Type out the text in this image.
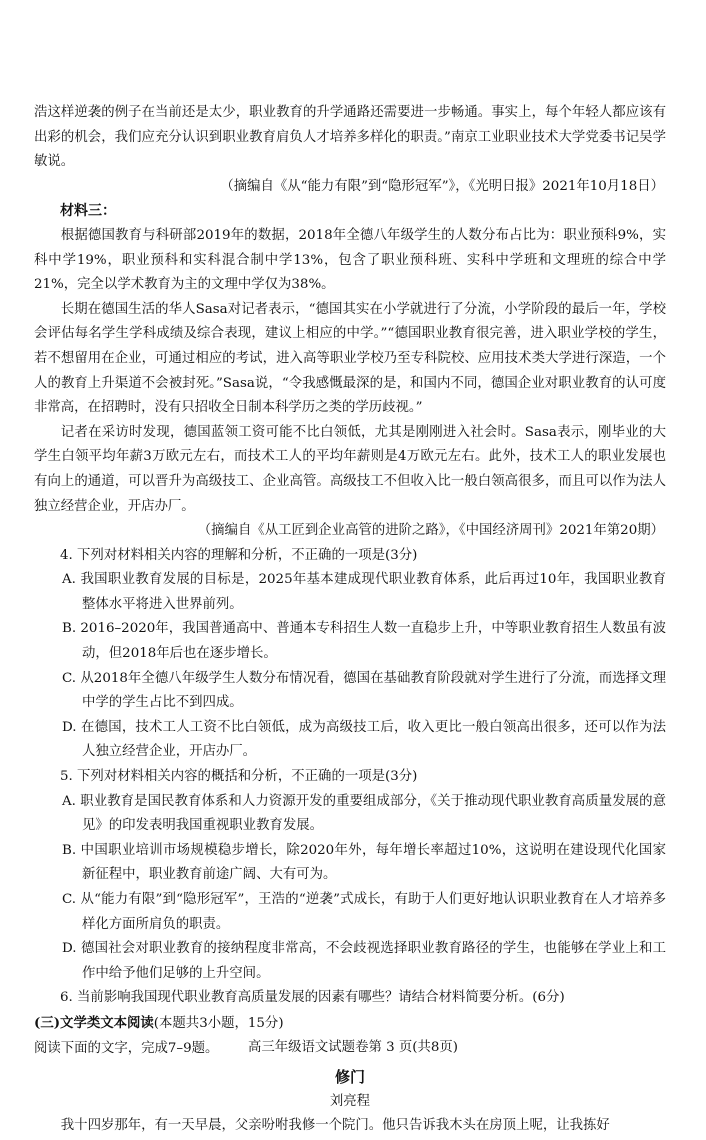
浩这样逆袭的例子在当前还是太少，职业教育的升学通路还需要进一步畅通。事实上，每个年轻人都应该有出彩的机会，我们应充分认识到职业教育肩负人才培养多样化的职责。”南京工业职业技术大学党委书记吴学敏说。

（摘编自《从“能力有限”到“隐形冠军”》，《光明日报》2021年10月18日）

材料三：

根据德国教育与科研部2019年的数据，2018年全德八年级学生的人数分布占比为：职业预科9%，实科中学19%，职业预科和实科混合制中学13%，包含了职业预科班、实科中学班和文理班的综合中学21%，完全以学术教育为主的文理中学仅为38%。

长期在德国生活的华人Sasa对记者表示，“德国其实在小学就进行了分流，小学阶段的最后一年，学校会评估每名学生学科成绩及综合表现，建议上相应的中学。”“德国职业教育很完善，进入职业学校的学生，若不想留用在企业，可通过相应的考试，进入高等职业学校乃至专科院校、应用技术类大学进行深造，一个人的教育上升渠道不会被封死。”Sasa说，“令我感慨最深的是，和国内不同，德国企业对职业教育的认可度非常高，在招聘时，没有只招收全日制本科学历之类的学历歧视。”

记者在采访时发现，德国蓝领工资可能不比白领低，尤其是刚刚进入社会时。Sasa表示，刚毕业的大学生白领平均年薪3万欧元左右，而技术工人的平均年薪则是4万欧元左右。此外，技术工人的职业发展也有向上的通道，可以晋升为高级技工、企业高管。高级技工不但收入比一般白领高很多，而且可以作为法人独立经营企业，开店办厂。

（摘编自《从工匠到企业高管的进阶之路》，《中国经济周刊》2021年第20期）

4. 下列对材料相关内容的理解和分析，不正确的一项是(3分)

A. 我国职业教育发展的目标是，2025年基本建成现代职业教育体系，此后再过10年，我国职业教育整体水平将进入世界前列。

B. 2016–2020年，我国普通高中、普通本专科招生人数一直稳步上升，中等职业教育招生人数虽有波动，但2018年后也在逐步增长。

C. 从2018年全德八年级学生人数分布情况看，德国在基础教育阶段就对学生进行了分流，而选择文理中学的学生占比不到四成。

D. 在德国，技术工人工资不比白领低，成为高级技工后，收入更比一般白领高出很多，还可以作为法人独立经营企业，开店办厂。

5. 下列对材料相关内容的概括和分析，不正确的一项是(3分)

A. 职业教育是国民教育体系和人力资源开发的重要组成部分，《关于推动现代职业教育高质量发展的意见》的印发表明我国重视职业教育发展。

B. 中国职业培训市场规模稳步增长，除2020年外，每年增长率超过10%，这说明在建设现代化国家新征程中，职业教育前途广阔、大有可为。

C. 从“能力有限”到“隐形冠军”，王浩的“逆袭”式成长，有助于人们更好地认识职业教育在人才培养多样化方面所肩负的职责。

D. 德国社会对职业教育的接纳程度非常高，不会歧视选择职业教育路径的学生，也能够在学业上和工作中给予他们足够的上升空间。

6. 当前影响我国现代职业教育高质量发展的因素有哪些？请结合材料简要分析。(6分)

(三)文学类文本阅读(本题共3小题，15分)

阅读下面的文字，完成7–9题。

修门

刘亮程

我十四岁那年，有一天早晨，父亲吩咐我修一个院门。他只告诉我木头在房顶上呢，让我拣好

高三年级语文试题卷第 3 页(共8页)
